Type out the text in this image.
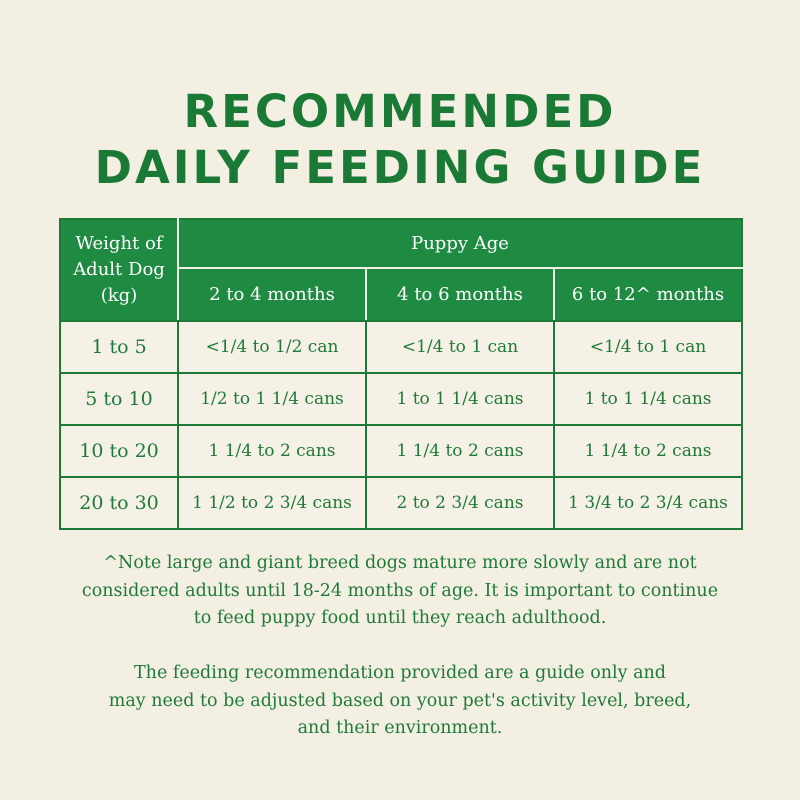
RECOMMENDED
DAILY FEEDING GUIDE
Weight of
Adult Dog
(kg)	Puppy Age		
	2 to 4 months	4 to 6 months	6 to 12^ months
1 to 5	<1/4 to 1/2 can	<1/4 to 1 can	<1/4 to 1 can
5 to 10	1/2 to 1 1/4 cans	1 to 1 1/4 cans	1 to 1 1/4 cans
10 to 20	1 1/4 to 2 cans	1 1/4 to 2 cans	1 1/4 to 2 cans
20 to 30	1 1/2 to 2 3/4 cans	2 to 2 3/4 cans	1 3/4 to 2 3/4 cans
^Note large and giant breed dogs mature more slowly and are not
considered adults until 18-24 months of age. It is important to continue
to feed puppy food until they reach adulthood.
The feeding recommendation provided are a guide only and
may need to be adjusted based on your pet's activity level, breed,
and their environment.
